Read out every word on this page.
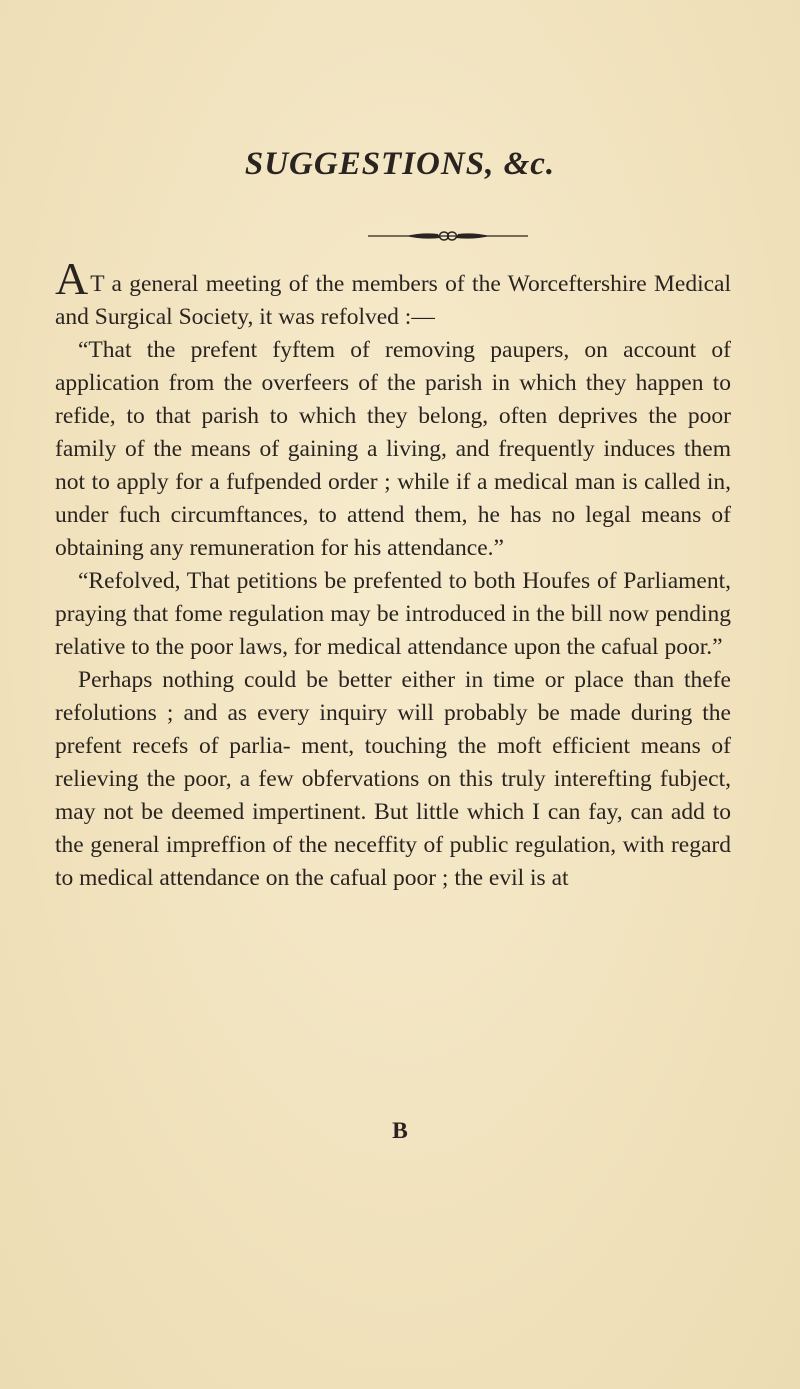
SUGGESTIONS, &c.

AT a general meeting of the members of the Worceftershire Medical and Surgical Society, it was refolved :—

“That the prefent fyftem of removing paupers, on account of application from the overfeers of the parish in which they happen to refide, to that parish to which they belong, often deprives the poor family of the means of gaining a living, and frequently induces them not to apply for a fufpended order ; while if a medical man is called in, under fuch circumftances, to attend them, he has no legal means of obtaining any remuneration for his attendance.”

“Refolved, That petitions be prefented to both Houfes of Parliament, praying that fome regulation may be introduced in the bill now pending relative to the poor laws, for medical attendance upon the cafual poor.”

Perhaps nothing could be better either in time or place than thefe refolutions ; and as every inquiry will probably be made during the prefent recefs of parlia- ment, touching the moft efficient means of relieving the poor, a few obfervations on this truly interefting fubject, may not be deemed impertinent. But little which I can fay, can add to the general impreffion of the neceffity of public regulation, with regard to medical attendance on the cafual poor ; the evil is at

B
